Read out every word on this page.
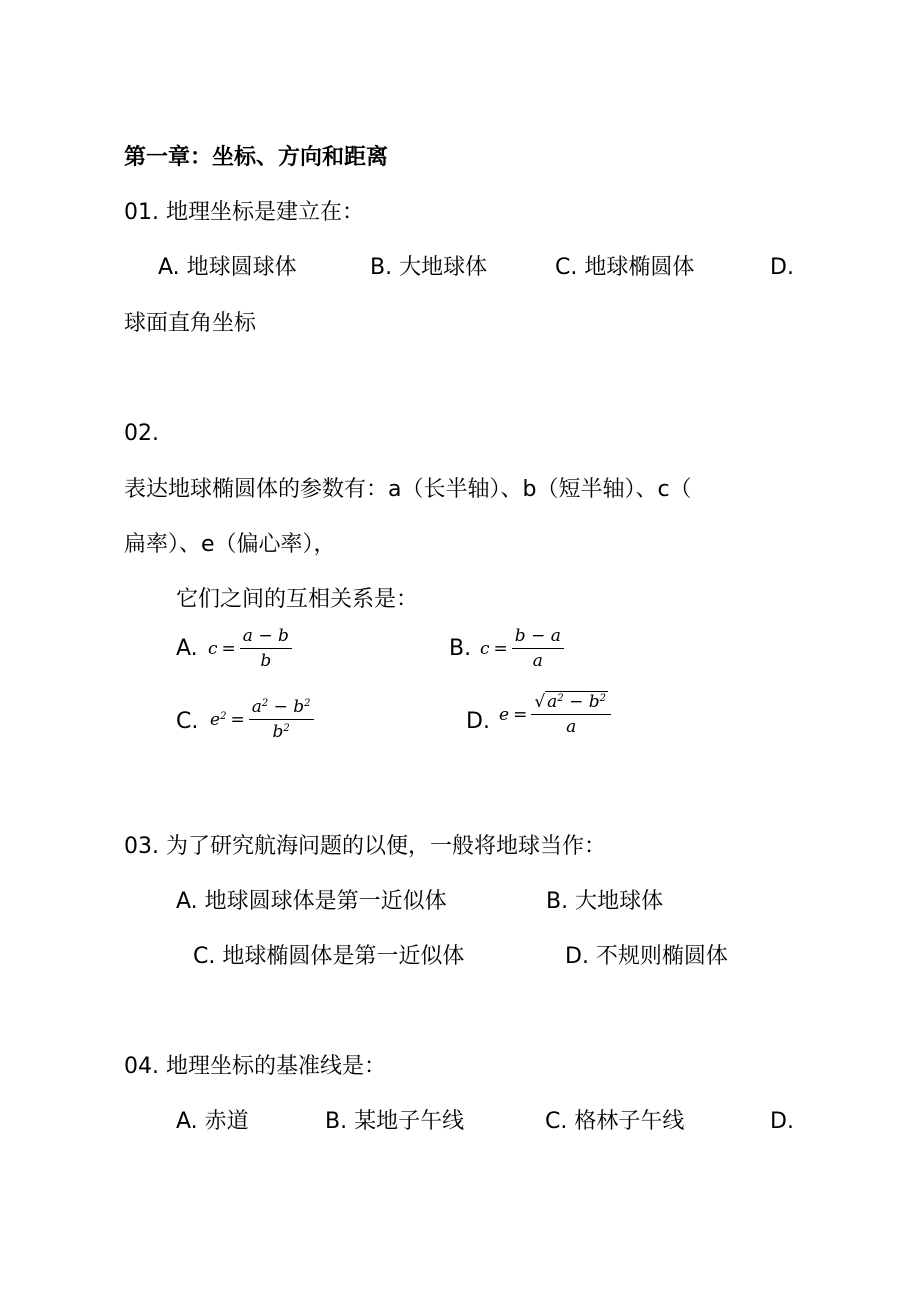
第一章：坐标、方向和距离
01. 地理坐标是建立在：
A. 地球圆球体	B. 大地球体	C. 地球椭圆体	D.
球面直角坐标
02.
表达地球椭圆体的参数有：a（长半轴）、b（短半轴）、c（
扁率）、e（偏心率），
它们之间的互相关系是：
A. $c = \frac{a - b}{b}$	B. $c = \frac{b - a}{a}$
C. $e^2 = \frac{a^2 - b^2}{b^2}$	D. $e = \frac{√ a^2 - b^2}{a}$
03. 为了研究航海问题的以便，一般将地球当作：
A. 地球圆球体是第一近似体	B. 大地球体
C. 地球椭圆体是第一近似体	D. 不规则椭圆体
04. 地理坐标的基准线是：
A. 赤道	B. 某地子午线	C. 格林子午线	D.
